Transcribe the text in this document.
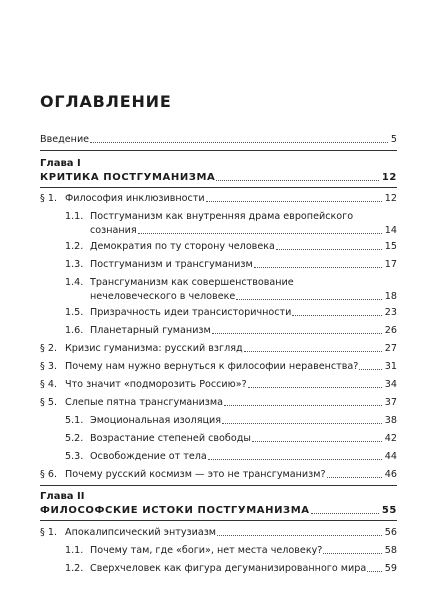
ОГЛАВЛЕНИЕ
Введение	5
Глава I
КРИТИКА ПОСТГУМАНИЗМА	12
§ 1. Философия инклюзивности	12
1.1. Постгуманизм как внутренняя драма европейского
сознания	14
1.2. Демократия по ту сторону человека	15
1.3. Постгуманизм и трансгуманизм	17
1.4. Трансгуманизм как совершенствование
нечеловеческого в человеке	18
1.5. Призрачность идеи трансисторичности	23
1.6. Планетарный гуманизм	26
§ 2. Кризис гуманизма: русский взгляд	27
§ 3. Почему нам нужно вернуться к философии неравенства?	31
§ 4. Что значит «подморозить Россию»?	34
§ 5. Слепые пятна трансгуманизма	37
5.1. Эмоциональная изоляция	38
5.2. Возрастание степеней свободы	42
5.3. Освобождение от тела	44
§ 6. Почему русский космизм — это не трансгуманизм?	46
Глава II
ФИЛОСОФСКИЕ ИСТОКИ ПОСТГУМАНИЗМА	55
§ 1. Апокалипсический энтузиазм	56
1.1. Почему там, где «боги», нет места человеку?	58
1.2. Сверхчеловек как фигура дегуманизированного мира 59
